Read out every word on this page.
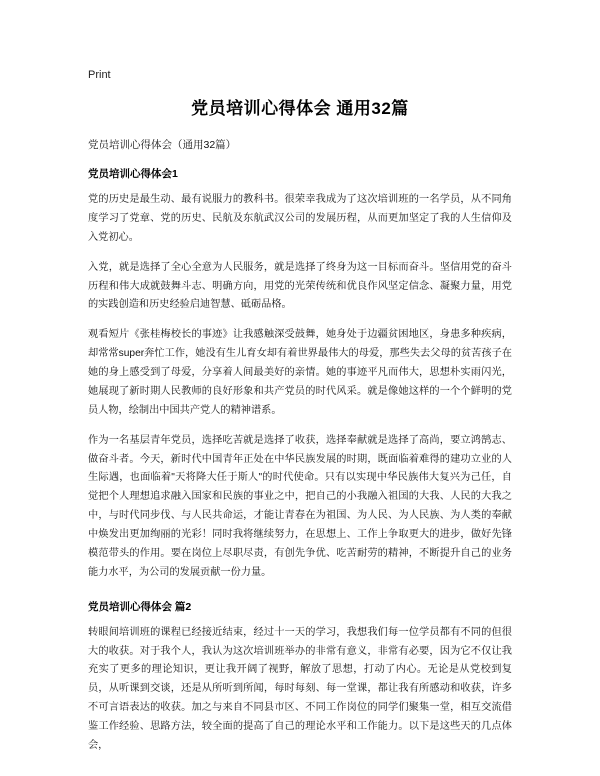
Print
党员培训心得体会 通用32篇
党员培训心得体会（通用32篇）
党员培训心得体会1

党的历史是最生动、最有说服力的教科书。很荣幸我成为了这次培训班的一名学员，从不同角度学习了党章、党的历史、民航及东航武汉公司的发展历程，从而更加坚定了我的人生信仰及入党初心。

入党，就是选择了全心全意为人民服务，就是选择了终身为这一目标而奋斗。坚信用党的奋斗历程和伟大成就鼓舞斗志、明确方向，用党的光荣传统和优良作风坚定信念、凝聚力量，用党的实践创造和历史经验启迪智慧、砥砺品格。

观看短片《张桂梅校长的事迹》让我感触深受鼓舞，她身处于边疆贫困地区，身患多种疾病，却常常super奔忙工作，她没有生儿育女却有着世界最伟大的母爱，那些失去父母的贫苦孩子在她的身上感受到了母爱，分享着人间最美好的亲情。她的事迹平凡而伟大，思想朴实雨闪光，她展现了新时期人民教师的良好形象和共产党员的时代风采。就是像她这样的一个个鲜明的党员人物，绘制出中国共产党人的精神谱系。

作为一名基层青年党员，选择吃苦就是选择了收获，选择奉献就是选择了高尚，要立鸿鹄志、做奋斗者。今天，新时代中国青年正处在中华民族发展的时期，既面临着难得的建功立业的人生际遇，也面临着"天将降大任于斯人"的时代使命。只有以实现中华民族伟大复兴为己任，自觉把个人理想追求融入国家和民族的事业之中，把自己的小我融入祖国的大我、人民的大我之中，与时代同步伐、与人民共命运，才能让青春在为祖国、为人民、为人民族、为人类的奉献中焕发出更加绚丽的光彩！同时我将继续努力，在思想上、工作上争取更大的进步，做好先锋模范带头的作用。要在岗位上尽职尽责，有创先争优、吃苦耐劳的精神，不断提升自己的业务能力水平，为公司的发展贡献一份力量。

党员培训心得体会 篇2

转眼间培训班的课程已经接近结束，经过十一天的学习，我想我们每一位学员都有不同的但很大的收获。对于我个人，我认为这次培训班举办的非常有意义，非常有必要，因为它不仅让我充实了更多的理论知识，更让我开阔了视野，解放了思想，打动了内心。无论是从党校到复员，从听课到交谈，还是从所听到所闻，每时每刻、每一堂课，都让我有所感动和收获，许多不可言语表达的收获。加之与来自不同县市区、不同工作岗位的同学们聚集一堂，相互交流借鉴工作经验、思路方法，较全面的提高了自己的理论水平和工作能力。以下是这些天的几点体会，
